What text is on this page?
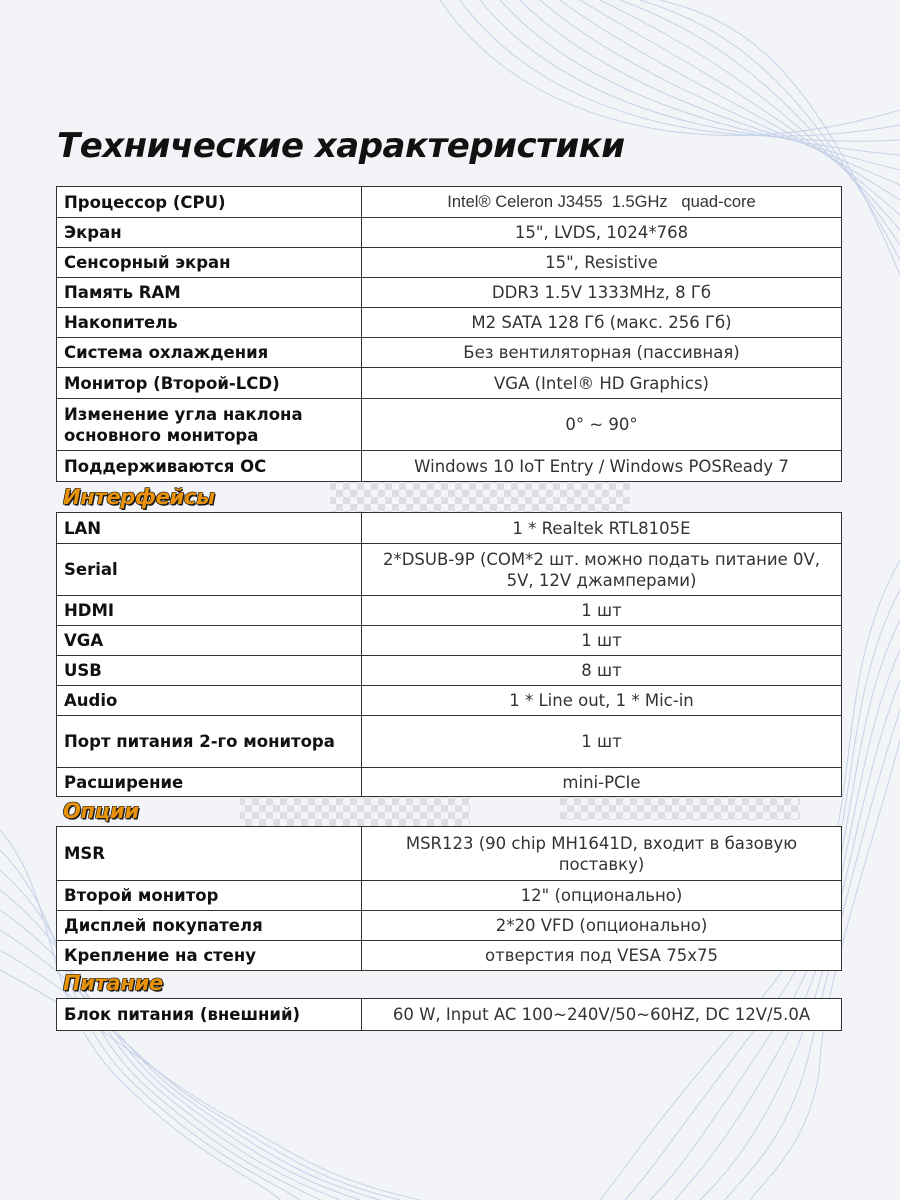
Технические характеристики
Процессор (CPU)	Intel® Celeron J3455  1.5GHz   quad-core
Экран	15", LVDS, 1024*768
Сенсорный экран	15", Resistive
Память RAM	DDR3 1.5V 1333MHz, 8 Гб
Накопитель	M2 SATA 128 Гб (макс. 256 Гб)
Система охлаждения	Без вентиляторная (пассивная)
Монитор (Второй-LCD)	VGA (Intel® HD Graphics)
Изменение угла наклона основного монитора	0° ~ 90°
Поддерживаются ОС	Windows 10 IoT Entry / Windows POSReady 7
Интерфейсы
LAN	1 * Realtek RTL8105E
Serial	2*DSUB-9P (COM*2 шт. можно подать питание 0V, 5V, 12V джамперами)
HDMI	1 шт
VGA	1 шт
USB	8 шт
Audio	1 * Line out, 1 * Mic-in
Порт питания 2-го монитора	1 шт
Расширение	mini-PCIe
Опции
MSR	MSR123 (90 chip MH1641D, входит в базовую поставку)
Второй монитор	12" (опционально)
Дисплей покупателя	2*20 VFD (опционально)
Крепление на стену	отверстия под VESA 75x75
Питание
Блок питания (внешний)	60 W, Input AC 100~240V/50~60HZ, DC 12V/5.0A
